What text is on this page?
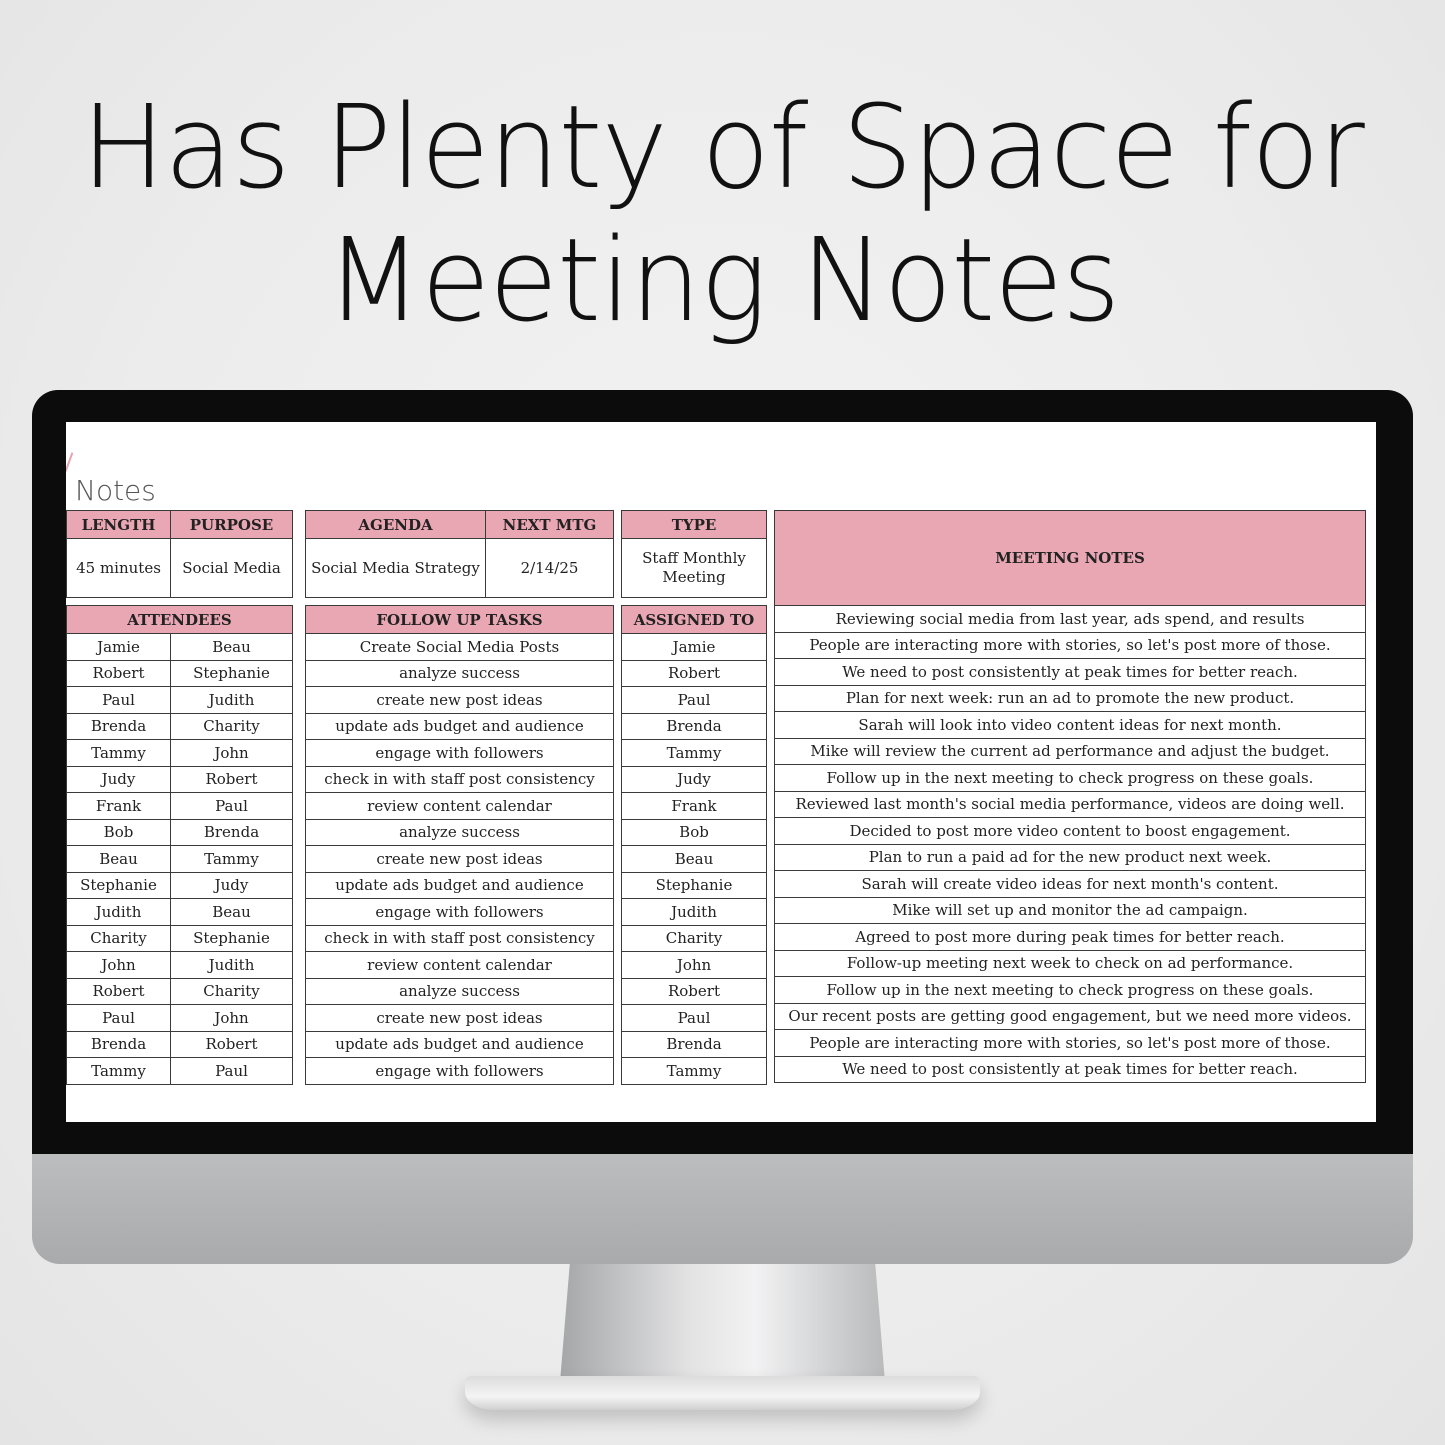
Has Plenty of Space for
Meeting Notes
Notes
LENGTH	PURPOSE
45 minutes	Social Media
AGENDA	NEXT MTG
Social Media Strategy	2/14/25
TYPE
Staff Monthly Meeting
MEETING NOTES
ATTENDEES	
Jamie	Beau
Robert	Stephanie
Paul	Judith
Brenda	Charity
Tammy	John
Judy	Robert
Frank	Paul
Bob	Brenda
Beau	Tammy
Stephanie	Judy
Judith	Beau
Charity	Stephanie
John	Judith
Robert	Charity
Paul	John
Brenda	Robert
Tammy	Paul
FOLLOW UP TASKS
Create Social Media Posts
analyze success
create new post ideas
update ads budget and audience
engage with followers
check in with staff post consistency
review content calendar
analyze success
create new post ideas
update ads budget and audience
engage with followers
check in with staff post consistency
review content calendar
analyze success
create new post ideas
update ads budget and audience
engage with followers
ASSIGNED TO
Jamie
Robert
Paul
Brenda
Tammy
Judy
Frank
Bob
Beau
Stephanie
Judith
Charity
John
Robert
Paul
Brenda
Tammy
Reviewing social media from last year, ads spend, and results
People are interacting more with stories, so let's post more of those.
We need to post consistently at peak times for better reach.
Plan for next week: run an ad to promote the new product.
Sarah will look into video content ideas for next month.
Mike will review the current ad performance and adjust the budget.
Follow up in the next meeting to check progress on these goals.
Reviewed last month's social media performance, videos are doing well.
Decided to post more video content to boost engagement.
Plan to run a paid ad for the new product next week.
Sarah will create video ideas for next month's content.
Mike will set up and monitor the ad campaign.
Agreed to post more during peak times for better reach.
Follow-up meeting next week to check on ad performance.
Follow up in the next meeting to check progress on these goals.
Our recent posts are getting good engagement, but we need more videos.
People are interacting more with stories, so let's post more of those.
We need to post consistently at peak times for better reach.
